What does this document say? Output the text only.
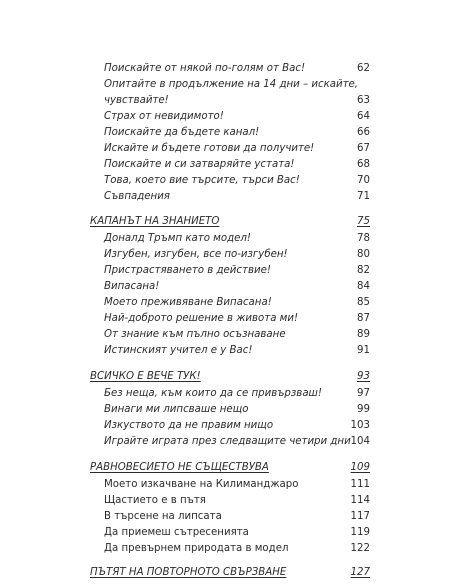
Поискайте от някой по-голям от Вас!	62
Опитайте в продължение на 14 дни – искайте,
чувствайте!	63
Страх от невидимото!	64
Поискайте да бъдете канал!	66
Искайте и бъдете готови да получите!	67
Поискайте и си затваряйте устата!	68
Това, което вие търсите, търси Вас!	70
Съвпадения	71
КАПАНЪТ НА ЗНАНИЕТО	75
Доналд Тръмп като модел!	78
Изгубен, изгубен, все по-изгубен!	80
Пристрастяването в действие!	82
Випасана!	84
Моето преживяване Випасана!	85
Най-доброто решение в живота ми!	87
От знание към пълно осъзнаване	89
Истинският учител е у Вас!	91
ВСИЧКО Е ВЕЧЕ ТУК!	93
Без неща, към които да се привързваш!	97
Винаги ми липсваше нещо	99
Изкуството да не правим нищо	103
Играйте играта през следващите четири дни 104
РАВНОВЕСИЕТО НЕ СЪЩЕСТВУВА	109
Моето изкачване на Килиманджаро	111
Щастието е в пътя	114
В търсене на липсата	117
Да приемеш сътресенията	119
Да превърнем природата в модел	122
ПЪТЯТ НА ПОВТОРНОТО СВЪРЗВАНЕ	127
